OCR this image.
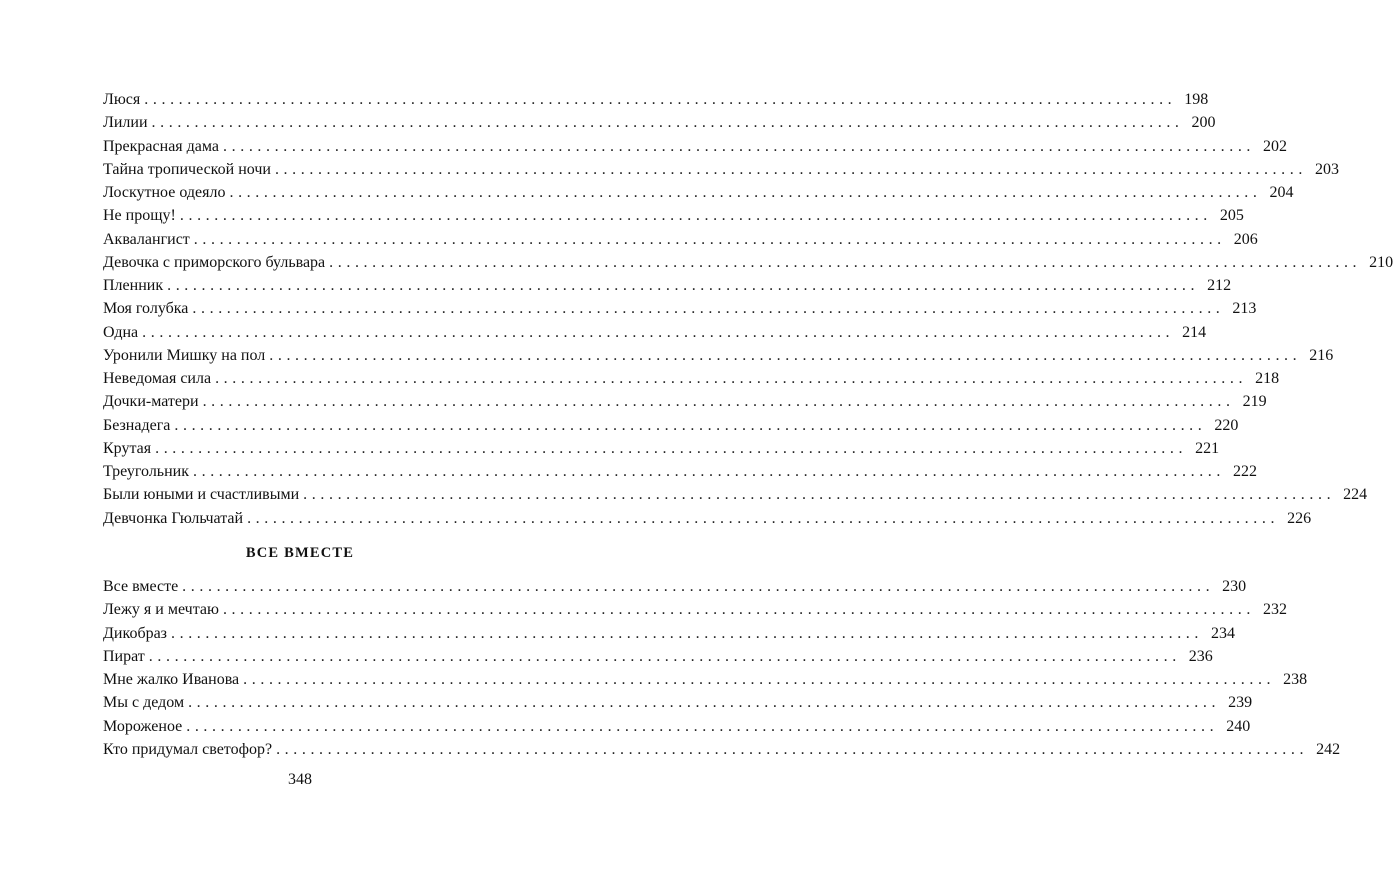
Люся ........................................................................................................................ 198
Лилии ........................................................................................................................ 200
Прекрасная дама ........................................................................................................................ 202
Тайна тропической ночи ........................................................................................................................ 203
Лоскутное одеяло ........................................................................................................................ 204
Не прощу! ........................................................................................................................ 205
Аквалангист ........................................................................................................................ 206
Девочка с приморского бульвара ........................................................................................................................ 210
Пленник ........................................................................................................................ 212
Моя голубка ........................................................................................................................ 213
Одна ........................................................................................................................ 214
Уронили Мишку на пол ........................................................................................................................ 216
Неведомая сила ........................................................................................................................ 218
Дочки-матери ........................................................................................................................ 219
Безнадега ........................................................................................................................ 220
Крутая ........................................................................................................................ 221
Треугольник ........................................................................................................................ 222
Были юными и счастливыми ........................................................................................................................ 224
Девчонка Гюльчатай ........................................................................................................................ 226
ВСЕ ВМЕСТЕ
Все вместе ........................................................................................................................ 230
Лежу я и мечтаю ........................................................................................................................ 232
Дикобраз ........................................................................................................................ 234
Пират ........................................................................................................................ 236
Мне жалко Иванова ........................................................................................................................ 238
Мы с дедом ........................................................................................................................ 239
Мороженое ........................................................................................................................ 240
Кто придумал светофор? ........................................................................................................................ 242
348
